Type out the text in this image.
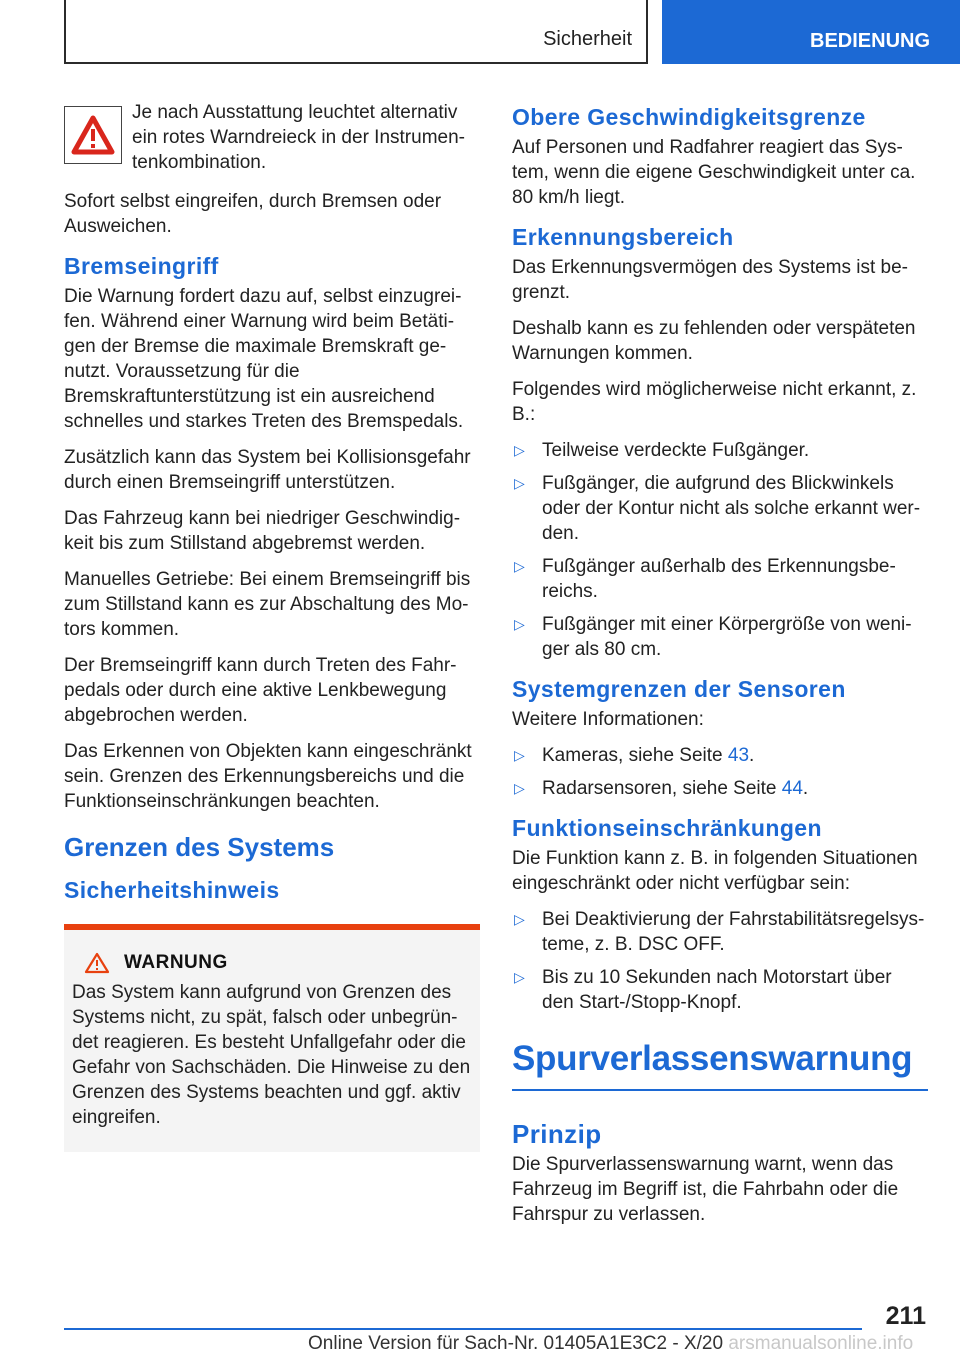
Sicherheit	BEDIENUNG

Je nach Ausstattung leuchtet alternativ ein rotes Warndreieck in der Instrumen-tenkombination.

Sofort selbst eingreifen, durch Bremsen oder Ausweichen.

Bremseingriff

Die Warnung fordert dazu auf, selbst einzugrei-fen. Während einer Warnung wird beim Betäti-gen der Bremse die maximale Bremskraft ge-nutzt. Voraussetzung für die Bremskraftunterstützung ist ein ausreichend schnelles und starkes Treten des Bremspedals.

Zusätzlich kann das System bei Kollisionsgefahr durch einen Bremseingriff unterstützen.

Das Fahrzeug kann bei niedriger Geschwindig-keit bis zum Stillstand abgebremst werden.

Manuelles Getriebe: Bei einem Bremseingriff bis zum Stillstand kann es zur Abschaltung des Mo-tors kommen.

Der Bremseingriff kann durch Treten des Fahr-pedals oder durch eine aktive Lenkbewegung abgebrochen werden.

Das Erkennen von Objekten kann eingeschränkt sein. Grenzen des Erkennungsbereichs und die Funktionseinschränkungen beachten.

Grenzen des Systems
Sicherheitshinweis
WARNUNG

Das System kann aufgrund von Grenzen des Systems nicht, zu spät, falsch oder unbegrün-det reagieren. Es besteht Unfallgefahr oder die Gefahr von Sachschäden. Die Hinweise zu den Grenzen des Systems beachten und ggf. aktiv eingreifen.

Obere Geschwindigkeitsgrenze

Auf Personen und Radfahrer reagiert das Sys-tem, wenn die eigene Geschwindigkeit unter ca. 80 km/h liegt.

Erkennungsbereich

Das Erkennungsvermögen des Systems ist be-grenzt.

Deshalb kann es zu fehlenden oder verspäteten Warnungen kommen.

Folgendes wird möglicherweise nicht erkannt, z. B.:

▷ Teilweise verdeckte Fußgänger.
▷ Fußgänger, die aufgrund des Blickwinkels oder der Kontur nicht als solche erkannt wer-den.
▷ Fußgänger außerhalb des Erkennungsbe-reichs.
▷ Fußgänger mit einer Körpergröße von weni-ger als 80 cm.
Systemgrenzen der Sensoren

Weitere Informationen:

▷ Kameras, siehe Seite 43.
▷ Radarsensoren, siehe Seite 44.
Funktionseinschränkungen

Die Funktion kann z. B. in folgenden Situationen eingeschränkt oder nicht verfügbar sein:

▷ Bei Deaktivierung der Fahrstabilitätsregelsys-teme, z. B. DSC OFF.
▷ Bis zu 10 Sekunden nach Motorstart über den Start-/Stopp-Knopf.
Spurverlassenswarnung
Prinzip

Die Spurverlassenswarnung warnt, wenn das Fahrzeug im Begriff ist, die Fahrbahn oder die Fahrspur zu verlassen.

211
Online Version für Sach-Nr. 01405A1E3C2 - X/20 arsmanualsonline.info
